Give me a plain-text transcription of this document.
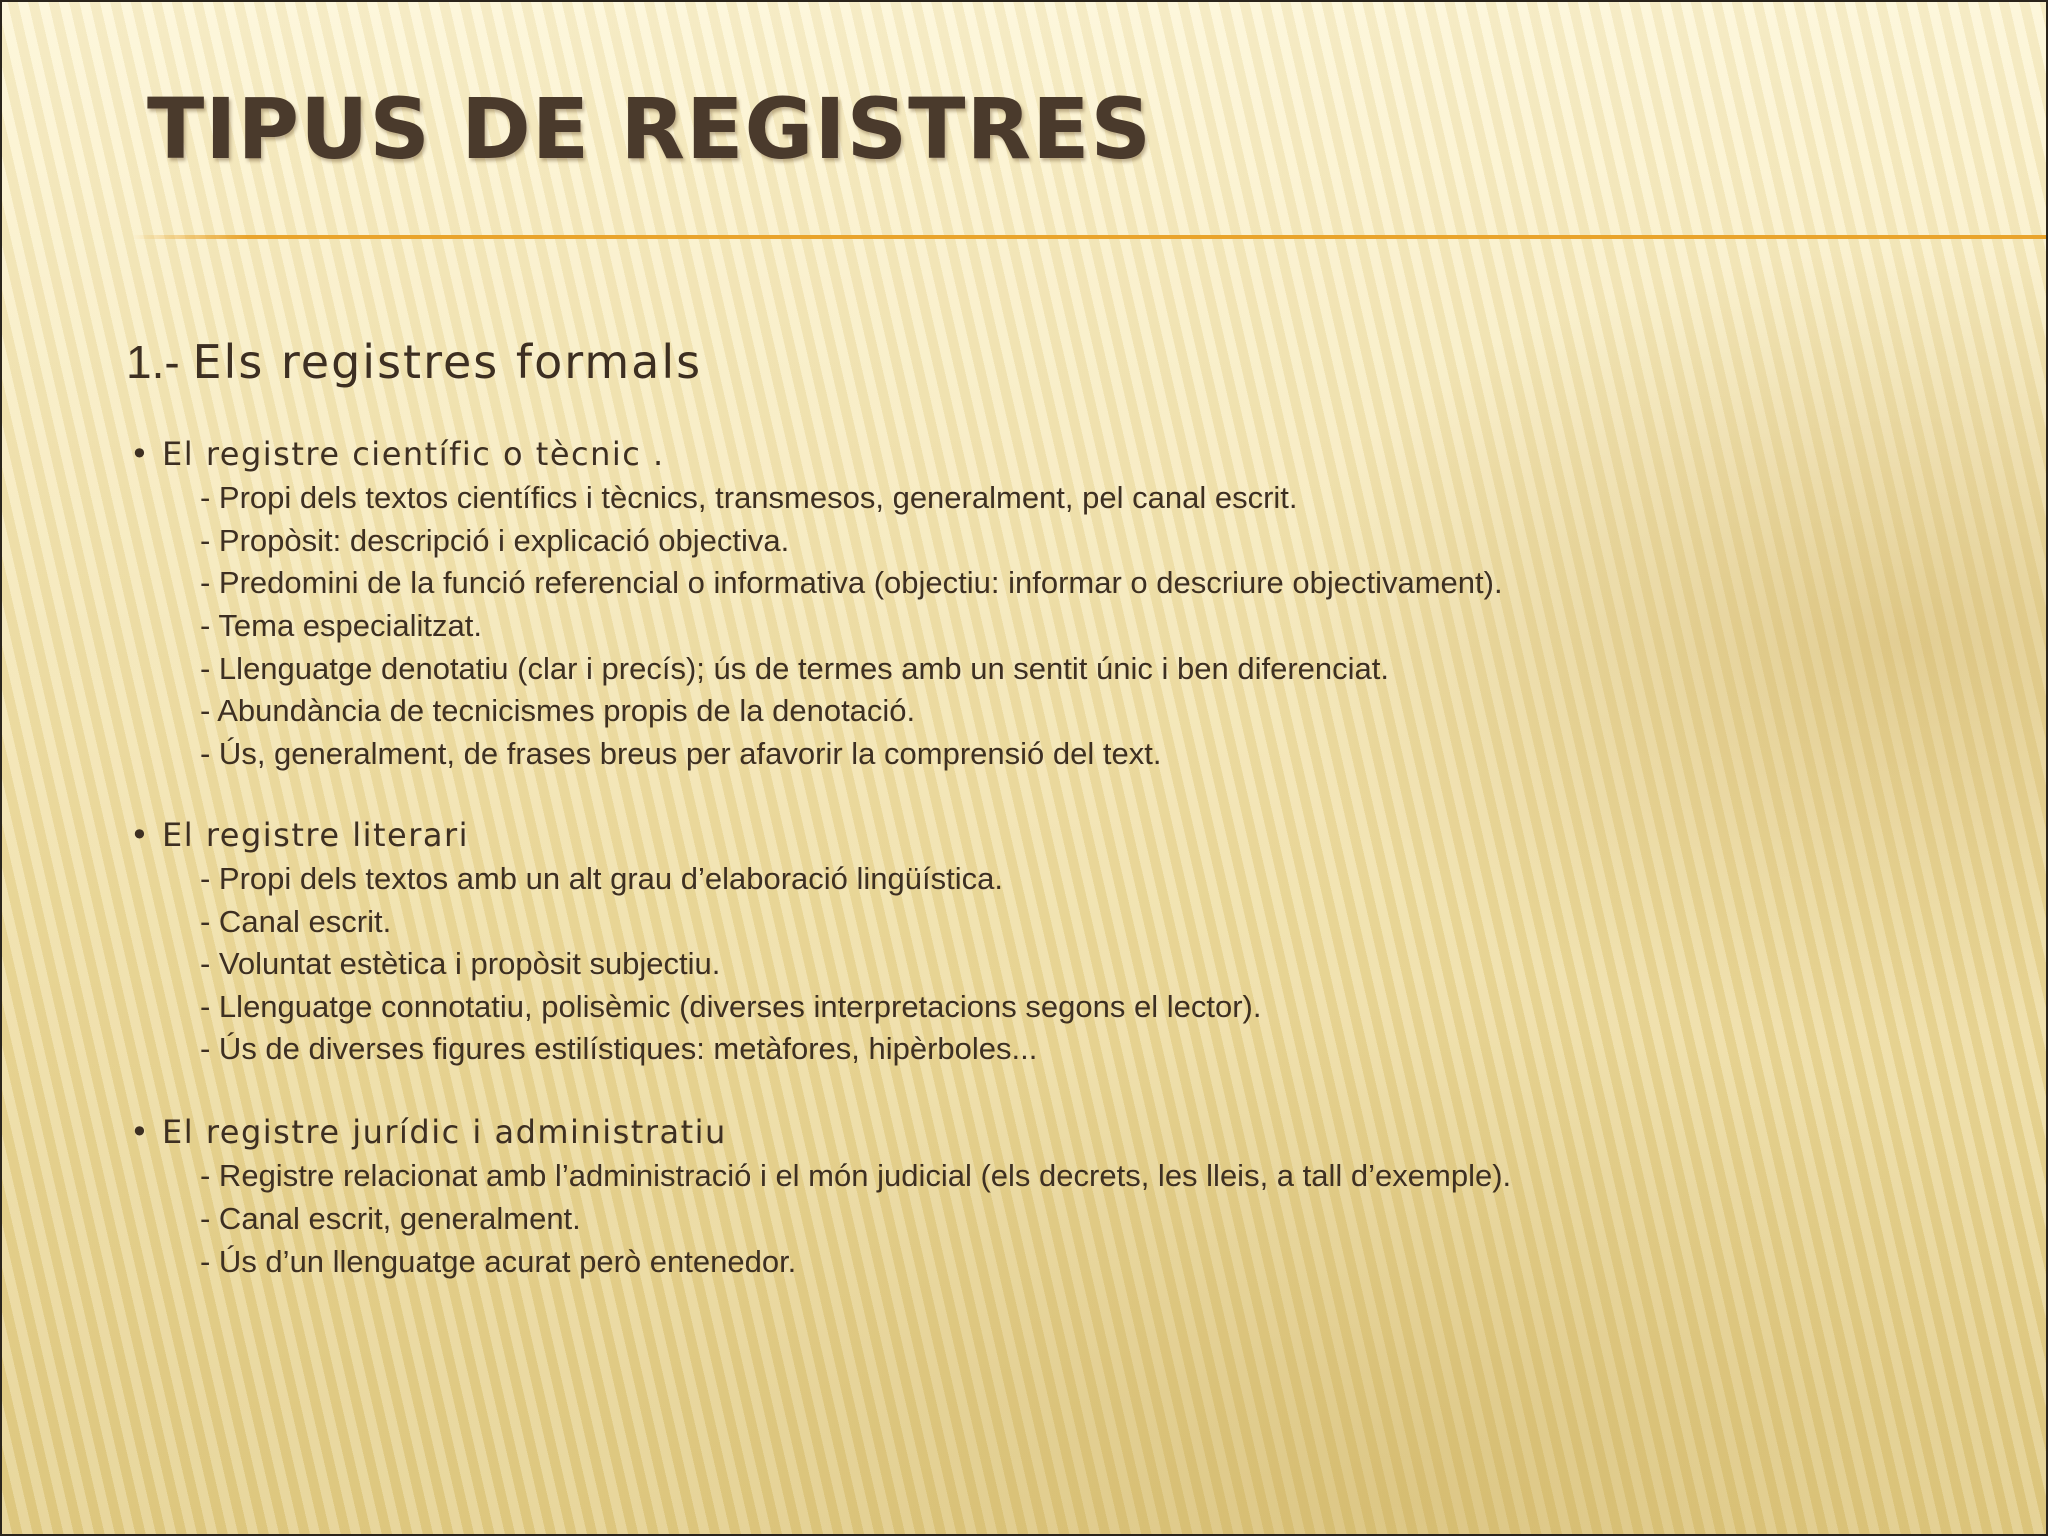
TIPUS DE REGISTRES
1.- Els registres formals
• El registre científic o tècnic .
- Propi dels textos científics i tècnics, transmesos, generalment, pel canal escrit.
- Propòsit: descripció i explicació objectiva.
- Predomini de la funció referencial o informativa (objectiu: informar o descriure objectivament).
- Tema especialitzat.
- Llenguatge denotatiu (clar i precís); ús de termes amb un sentit únic i ben diferenciat.
- Abundància de tecnicismes propis de la denotació.
- Ús, generalment, de frases breus per afavorir la comprensió del text.
• El registre literari
- Propi dels textos amb un alt grau d’elaboració lingüística.
- Canal escrit.
- Voluntat estètica i propòsit subjectiu.
- Llenguatge connotatiu, polisèmic (diverses interpretacions segons el lector).
- Ús de diverses figures estilístiques: metàfores, hipèrboles...
• El registre jurídic i administratiu
- Registre relacionat amb l’administració i el món judicial (els decrets, les lleis, a tall d’exemple).
- Canal escrit, generalment.
- Ús d’un llenguatge acurat però entenedor.
